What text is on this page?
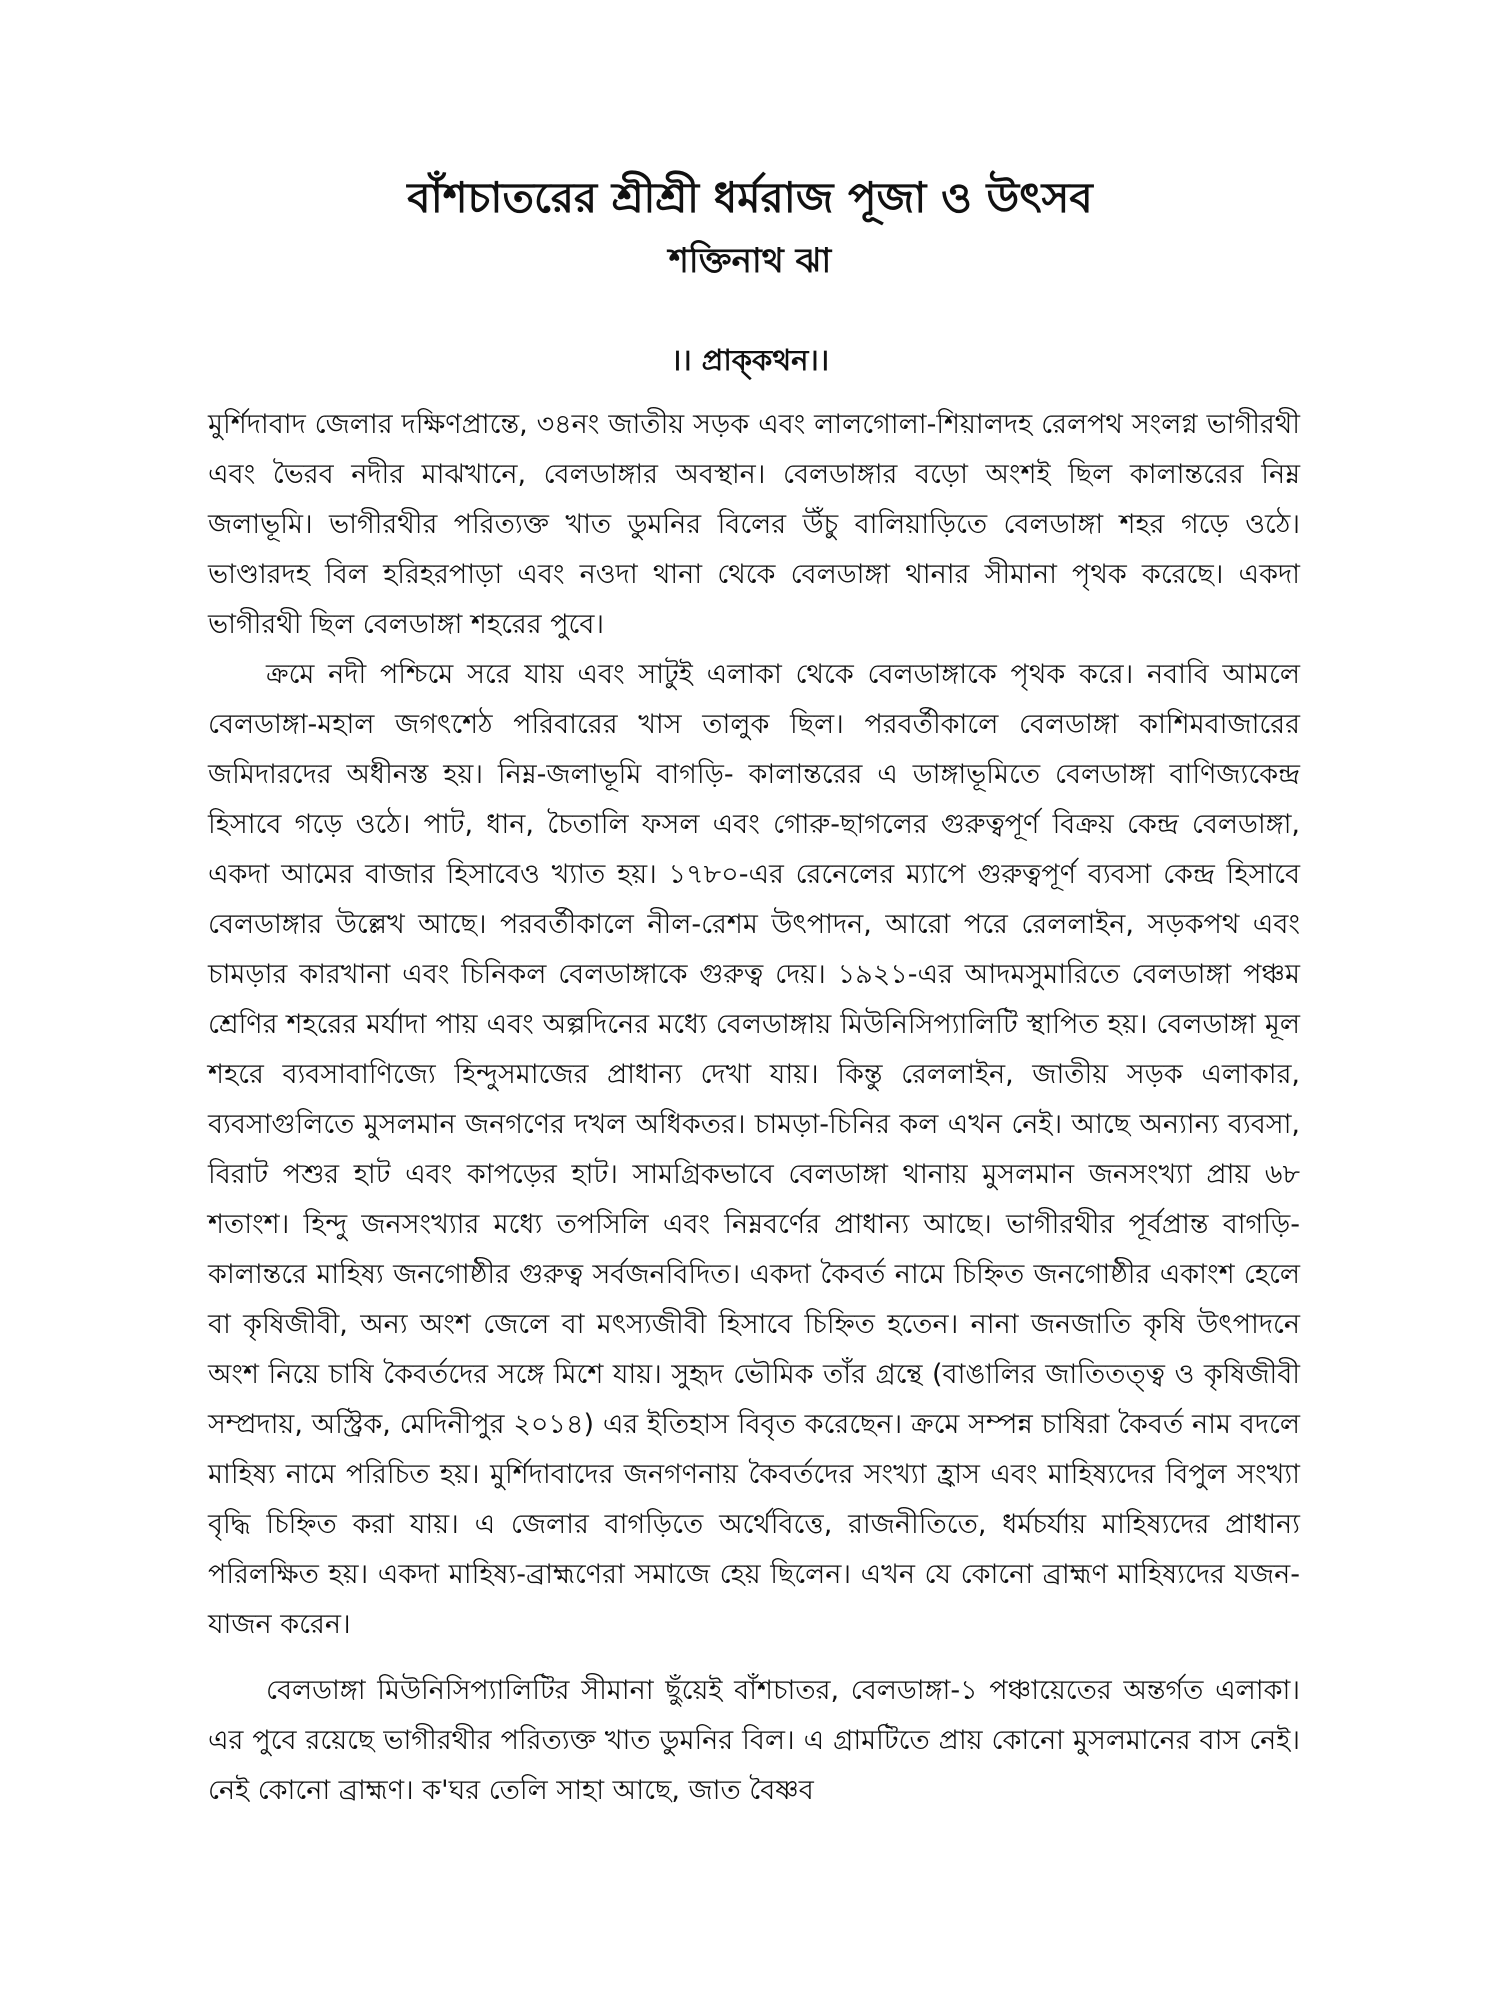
বাঁশচাতরের শ্রীশ্রী ধর্মরাজ পূজা ও উৎসব
শক্তিনাথ ঝা
।। প্রাক্‌কথন।।

মুর্শিদাবাদ জেলার দক্ষিণপ্রান্তে, ৩৪নং জাতীয় সড়ক এবং লালগোলা-শিয়ালদহ রেলপথ সংলগ্ন ভাগীরথী এবং ভৈরব নদীর মাঝখানে, বেলডাঙ্গার অবস্থান। বেলডাঙ্গার বড়ো অংশই ছিল কালান্তরের নিম্ন জলাভূমি। ভাগীরথীর পরিত্যক্ত খাত ডুমনির বিলের উঁচু বালিয়াড়িতে বেলডাঙ্গা শহর গড়ে ওঠে। ভাণ্ডারদহ বিল হরিহরপাড়া এবং নওদা থানা থেকে বেলডাঙ্গা থানার সীমানা পৃথক করেছে। একদা ভাগীরথী ছিল বেলডাঙ্গা শহরের পুবে।

ক্রমে নদী পশ্চিমে সরে যায় এবং সাটুই এলাকা থেকে বেলডাঙ্গাকে পৃথক করে। নবাবি আমলে বেলডাঙ্গা-মহাল জগৎশেঠ পরিবারের খাস তালুক ছিল। পরবর্তীকালে বেলডাঙ্গা কাশিমবাজারের জমিদারদের অধীনস্ত হয়। নিম্ন-জলাভূমি বাগড়ি- কালান্তরের এ ডাঙ্গাভূমিতে বেলডাঙ্গা বাণিজ্যকেন্দ্র হিসাবে গড়ে ওঠে। পাট, ধান, চৈতালি ফসল এবং গোরু-ছাগলের গুরুত্বপূর্ণ বিক্রয় কেন্দ্র বেলডাঙ্গা, একদা আমের বাজার হিসাবেও খ্যাত হয়। ১৭৮০-এর রেনেলের ম্যাপে গুরুত্বপূর্ণ ব্যবসা কেন্দ্র হিসাবে বেলডাঙ্গার উল্লেখ আছে। পরবর্তীকালে নীল-রেশম উৎপাদন, আরো পরে রেললাইন, সড়কপথ এবং চামড়ার কারখানা এবং চিনিকল বেলডাঙ্গাকে গুরুত্ব দেয়। ১৯২১-এর আদমসুমারিতে বেলডাঙ্গা পঞ্চম শ্রেণির শহরের মর্যাদা পায় এবং অল্পদিনের মধ্যে বেলডাঙ্গায় মিউনিসিপ্যালিটি স্থাপিত হয়। বেলডাঙ্গা মূল শহরে ব্যবসাবাণিজ্যে হিন্দুসমাজের প্রাধান্য দেখা যায়। কিন্তু রেললাইন, জাতীয় সড়ক এলাকার, ব্যবসাগুলিতে মুসলমান জনগণের দখল অধিকতর। চামড়া-চিনির কল এখন নেই। আছে অন্যান্য ব্যবসা, বিরাট পশুর হাট এবং কাপড়ের হাট। সামগ্রিকভাবে বেলডাঙ্গা থানায় মুসলমান জনসংখ্যা প্রায় ৬৮ শতাংশ। হিন্দু জনসংখ্যার মধ্যে তপসিলি এবং নিম্নবর্ণের প্রাধান্য আছে। ভাগীরথীর পূর্বপ্রান্ত বাগড়ি-কালান্তরে মাহিষ্য জনগোষ্ঠীর গুরুত্ব সর্বজনবিদিত। একদা কৈবর্ত নামে চিহ্নিত জনগোষ্ঠীর একাংশ হেলে বা কৃষিজীবী, অন্য অংশ জেলে বা মৎস্যজীবী হিসাবে চিহ্নিত হতেন। নানা জনজাতি কৃষি উৎপাদনে অংশ নিয়ে চাষি কৈবর্তদের সঙ্গে মিশে যায়। সুহৃদ ভৌমিক তাঁর গ্রন্থে (বাঙালির জাতিতত্ত্ব ও কৃষিজীবী সম্প্রদায়, অস্ট্রিক, মেদিনীপুর ২০১৪) এর ইতিহাস বিবৃত করেছেন। ক্রমে সম্পন্ন চাষিরা কৈবর্ত নাম বদলে মাহিষ্য নামে পরিচিত হয়। মুর্শিদাবাদের জনগণনায় কৈবর্তদের সংখ্যা হ্রাস এবং মাহিষ্যদের বিপুল সংখ্যা বৃদ্ধি চিহ্নিত করা যায়। এ জেলার বাগড়িতে অর্থেবিত্তে, রাজনীতিতে, ধর্মচর্যায় মাহিষ্যদের প্রাধান্য পরিলক্ষিত হয়। একদা মাহিষ্য-ব্রাহ্মণেরা সমাজে হেয় ছিলেন। এখন যে কোনো ব্রাহ্মণ মাহিষ্যদের যজন-যাজন করেন।

বেলডাঙ্গা মিউনিসিপ্যালিটির সীমানা ছুঁয়েই বাঁশচাতর, বেলডাঙ্গা-১ পঞ্চায়েতের অন্তর্গত এলাকা। এর পুবে রয়েছে ভাগীরথীর পরিত্যক্ত খাত ডুমনির বিল। এ গ্রামটিতে প্রায় কোনো মুসলমানের বাস নেই। নেই কোনো ব্রাহ্মণ। ক'ঘর তেলি সাহা আছে, জাত বৈষ্ণব
